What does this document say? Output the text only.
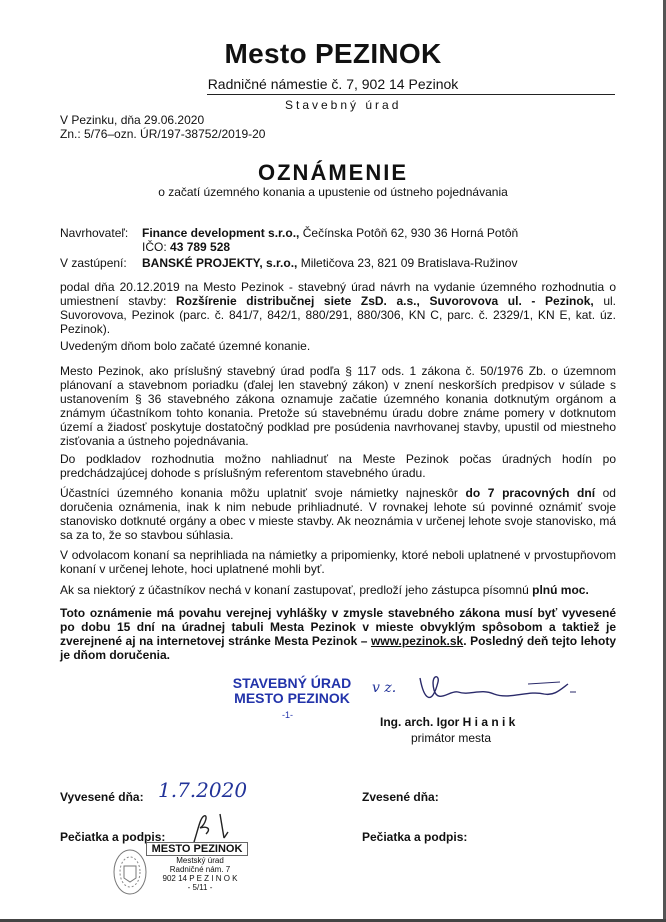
Mesto PEZINOK
Radničné námestie č. 7, 902 14 Pezinok
Stavebný úrad
V Pezinku, dňa 29.06.2020
Zn.: 5/76–ozn. ÚR/197-38752/2019-20
OZNÁMENIE
o začatí územného konania a upustenie od ústneho pojednávania
Navrhovateľ: Finance development s.r.o., Čečínska Potôň 62, 930 36 Horná Potôň
IČO: 43 789 528
V zastúpení: BANSKÉ PROJEKTY, s.r.o., Miletičova 23, 821 09 Bratislava-Ružinov

podal dňa 20.12.2019 na Mesto Pezinok - stavebný úrad návrh na vydanie územného rozhodnutia o umiestnení stavby: Rozšírenie distribučnej siete ZsD. a.s., Suvorovova ul. - Pezinok, ul. Suvorovova, Pezinok (parc. č. 841/7, 842/1, 880/291, 880/306, KN C, parc. č. 2329/1, KN E, kat. úz. Pezinok).

Uvedeným dňom bolo začaté územné konanie.

Mesto Pezinok, ako príslušný stavebný úrad podľa § 117 ods. 1 zákona č. 50/1976 Zb. o územnom plánovaní a stavebnom poriadku (ďalej len stavebný zákon) v znení neskorších predpisov v súlade s ustanovením § 36 stavebného zákona oznamuje začatie územného konania dotknutým orgánom a známym účastníkom tohto konania. Pretože sú stavebnému úradu dobre známe pomery v dotknutom území a žiadosť poskytuje dostatočný podklad pre posúdenia navrhovanej stavby, upustil od miestneho zisťovania a ústneho pojednávania.

Do podkladov rozhodnutia možno nahliadnuť na Meste Pezinok počas úradných hodín po predchádzajúcej dohode s príslušným referentom stavebného úradu.

Účastníci územného konania môžu uplatniť svoje námietky najneskôr do 7 pracovných dní od doručenia oznámenia, inak k nim nebude prihliadnuté. V rovnakej lehote sú povinné oznámiť svoje stanovisko dotknuté orgány a obec v mieste stavby. Ak neoznámia v určenej lehote svoje stanovisko, má sa za to, že so stavbou súhlasia.

V odvolacom konaní sa neprihliada na námietky a pripomienky, ktoré neboli uplatnené v prvostupňovom konaní v určenej lehote, hoci uplatnené mohli byť.

Ak sa niektorý z účastníkov nechá v konaní zastupovať, predloží jeho zástupca písomnú plnú moc.

Toto oznámenie má povahu verejnej vyhlášky v zmysle stavebného zákona musí byť vyvesené po dobu 15 dní na úradnej tabuli Mesta Pezinok v mieste obvyklým spôsobom a taktiež je zverejnené aj na internetovej stránke Mesta Pezinok – www.pezinok.sk. Posledný deň tejto lehoty je dňom doručenia.

STAVEBNÝ ÚRAD
MESTO PEZINOK
-1-
v z.
Ing. arch. Igor H i a n i k
primátor mesta
Vyvesené dňa: 1.7.2020	Zvesené dňa:
Pečiatka a podpis:	Pečiatka a podpis:
MESTO PEZINOK
Mestský úrad
Radničné nám. 7
902 14 P E Z I N O K
- 5/11 -
